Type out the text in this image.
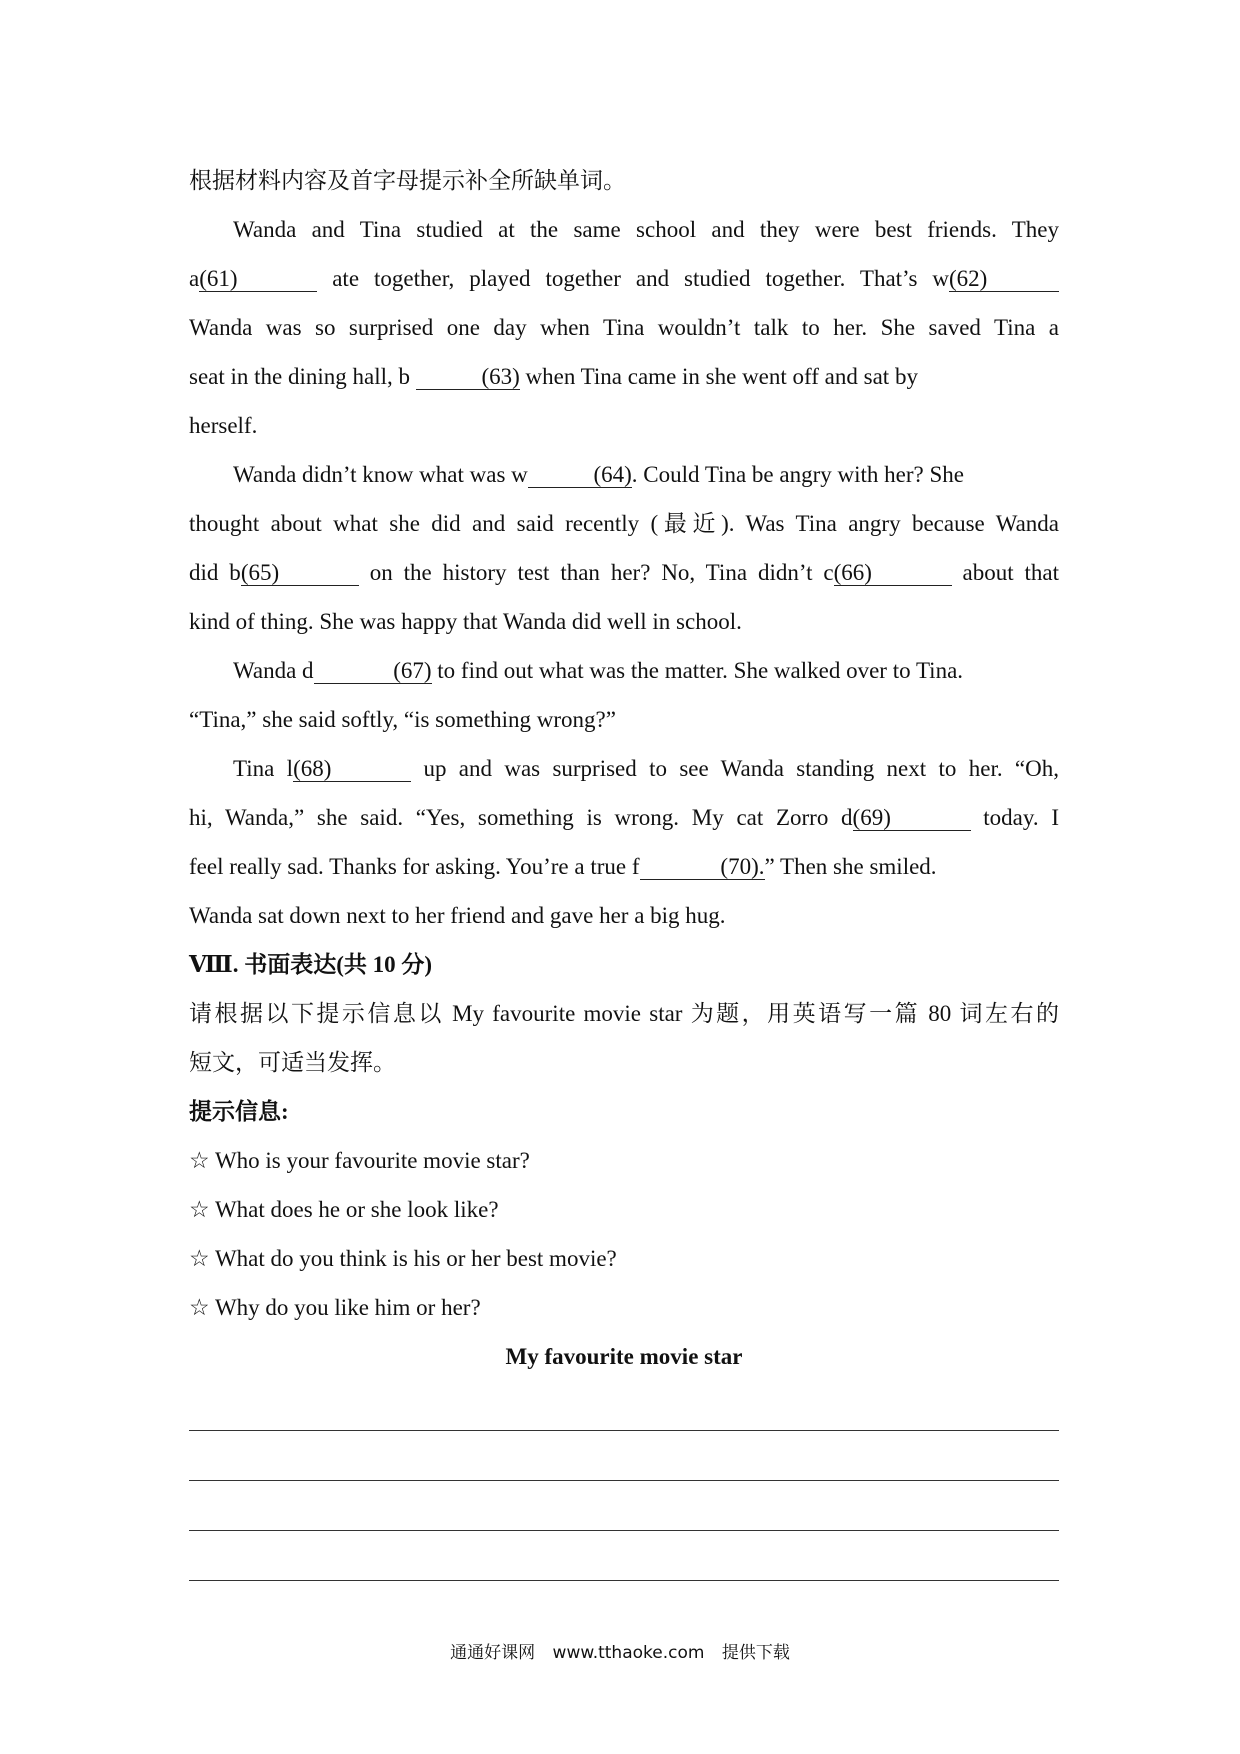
根据材料内容及首字母提示补全所缺单词。
Wanda and Tina studied at the same school and they were best friends. They
a(61)	ate together, played together and studied together. That’s w(62)
Wanda was so surprised one day when Tina wouldn’t talk to her. She saved Tina a
seat in the dining hall, b	(63) when Tina came in she went off and sat by
herself.
Wanda didn’t know what was w	(64). Could Tina be angry with her? She
thought about what she did and said recently (最近). Was Tina angry because Wanda
did b(65)	on the history test than her? No, Tina didn’t c(66)	about that
kind of thing. She was happy that Wanda did well in school.
Wanda d	(67) to find out what was the matter. She walked over to Tina.
“Tina,” she said softly, “is something wrong?”
Tina l(68)	up and was surprised to see Wanda standing next to her. “Oh,
hi, Wanda,” she said. “Yes, something is wrong. My cat Zorro d(69)	today. I
feel really sad. Thanks for asking. You’re a true f	(70).” Then she smiled.
Wanda sat down next to her friend and gave her a big hug.
Ⅷ. 书面表达(共 10 分)
请根据以下提示信息以 My favourite movie star 为题，用英语写一篇 80 词左右的
短文，可适当发挥。
提示信息:
☆ Who is your favourite movie star?
☆ What does he or she look like?
☆ What do you think is his or her best movie?
☆ Why do you like him or her?
My favourite movie star
通通好课网 www.tthaoke.com 提供下载
